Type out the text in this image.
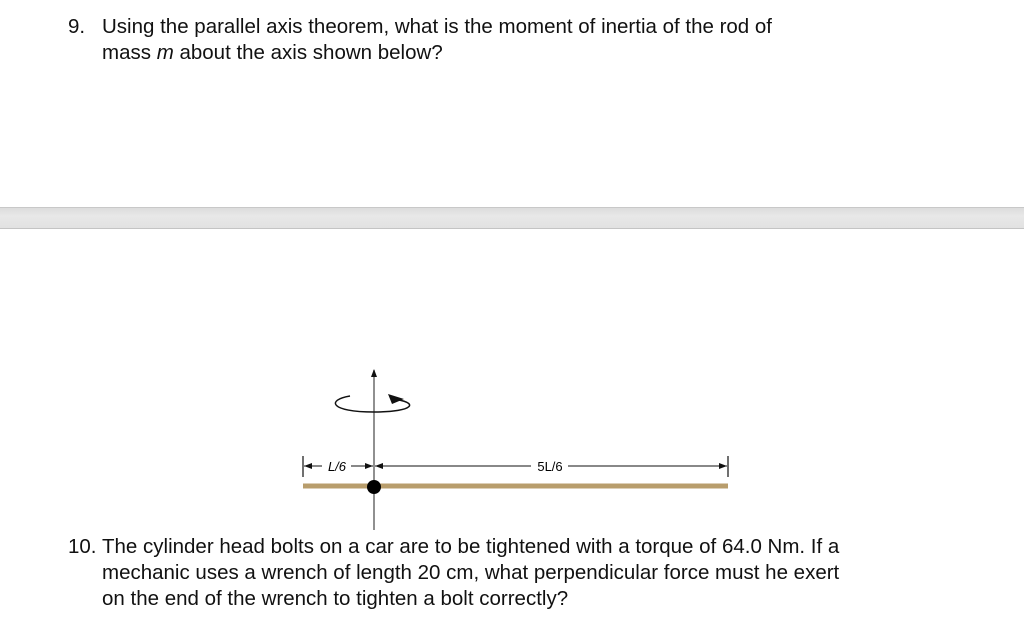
9. Using the parallel axis theorem, what is the moment of inertia of the rod of

mass m about the axis shown below?
L/6	5L/6
10. The cylinder head bolts on a car are to be tightened with a torque of 64.0 Nm. If a

mechanic uses a wrench of length 20 cm, what perpendicular force must he exert

on the end of the wrench to tighten a bolt correctly?
